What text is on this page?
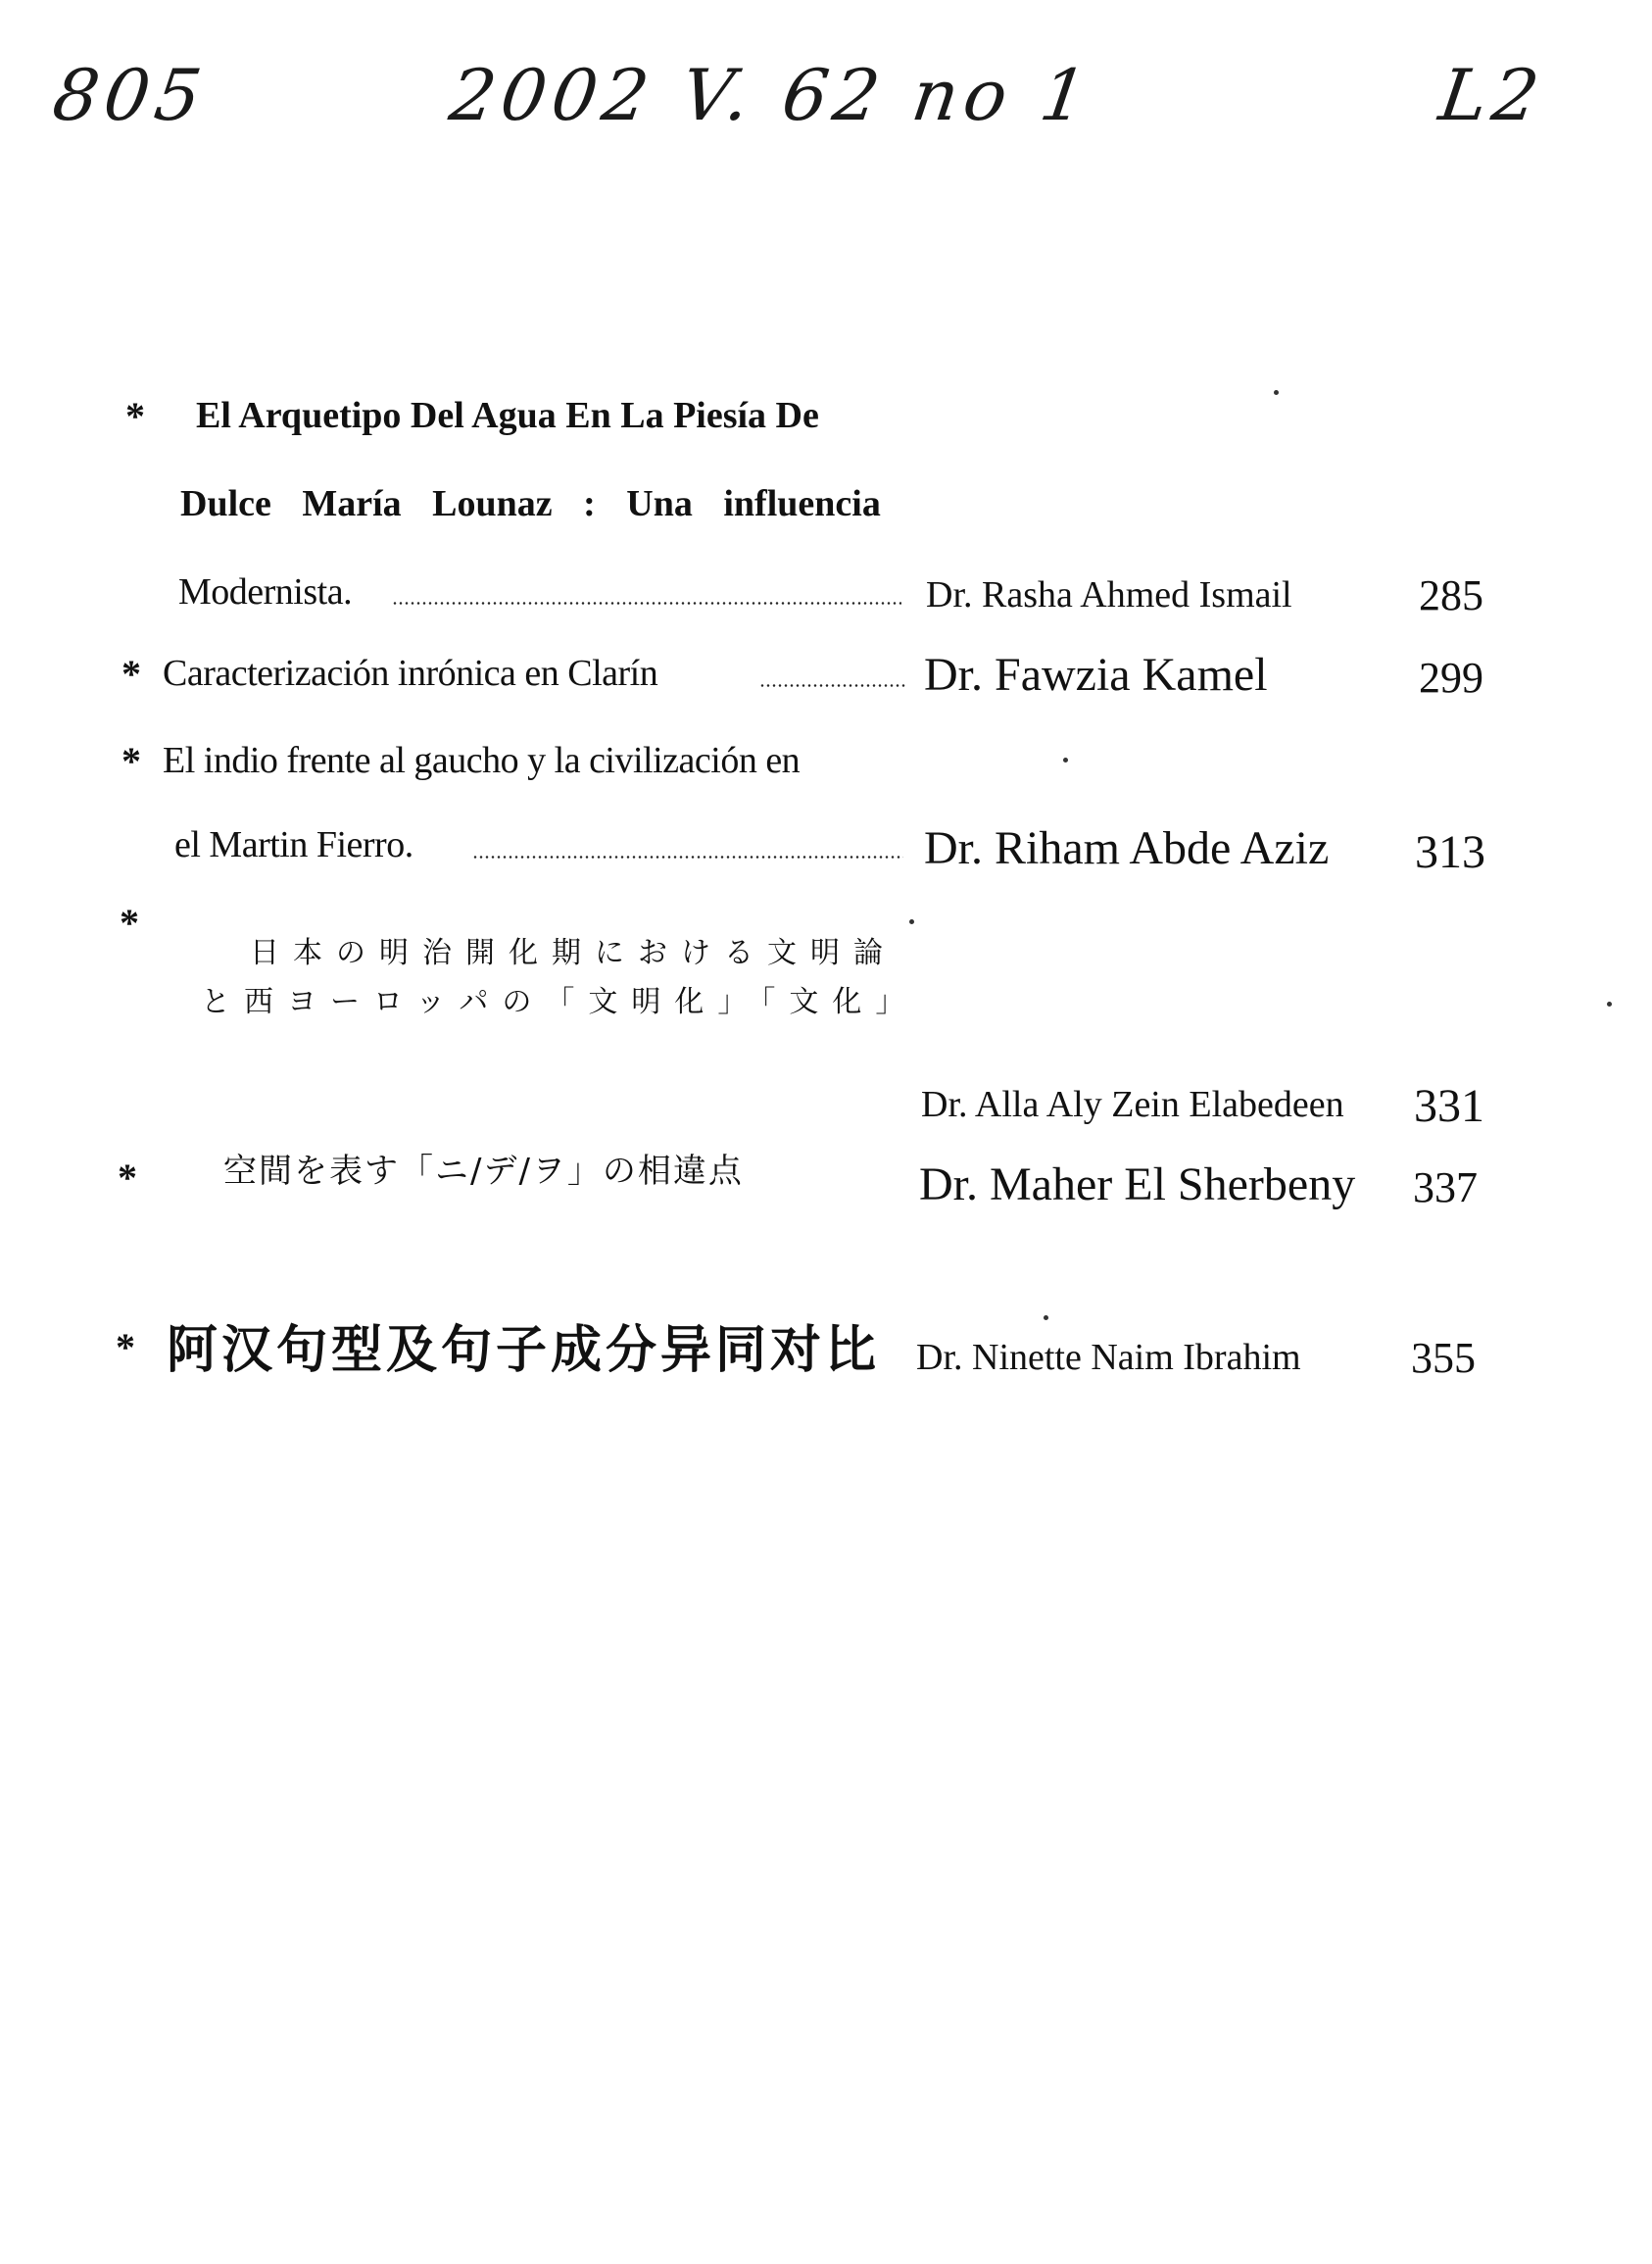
805	2002 V. 62 no 1	L2
* El Arquetipo Del Agua En La Piesía De
Dulce María Lounaz : Una influencia
Modernista.	Dr. Rasha Ahmed Ismail	285
* Caracterización inrónica en Clarín	Dr. Fawzia Kamel	299
* El indio frente al gaucho y la civilización en
el Martin Fierro.	Dr. Riham Abde Aziz 313
*
日本の明治開化期における文明論
と西ヨーロッパの「文明化」「文化」
Dr. Alla Aly Zein Elabedeen 331
*	空間を表す「ニ/デ/ヲ」の相違点	Dr. Maher El Sherbeny 337
* 阿汉句型及句子成分异同对比 Dr. Ninette Naim Ibrahim	355
